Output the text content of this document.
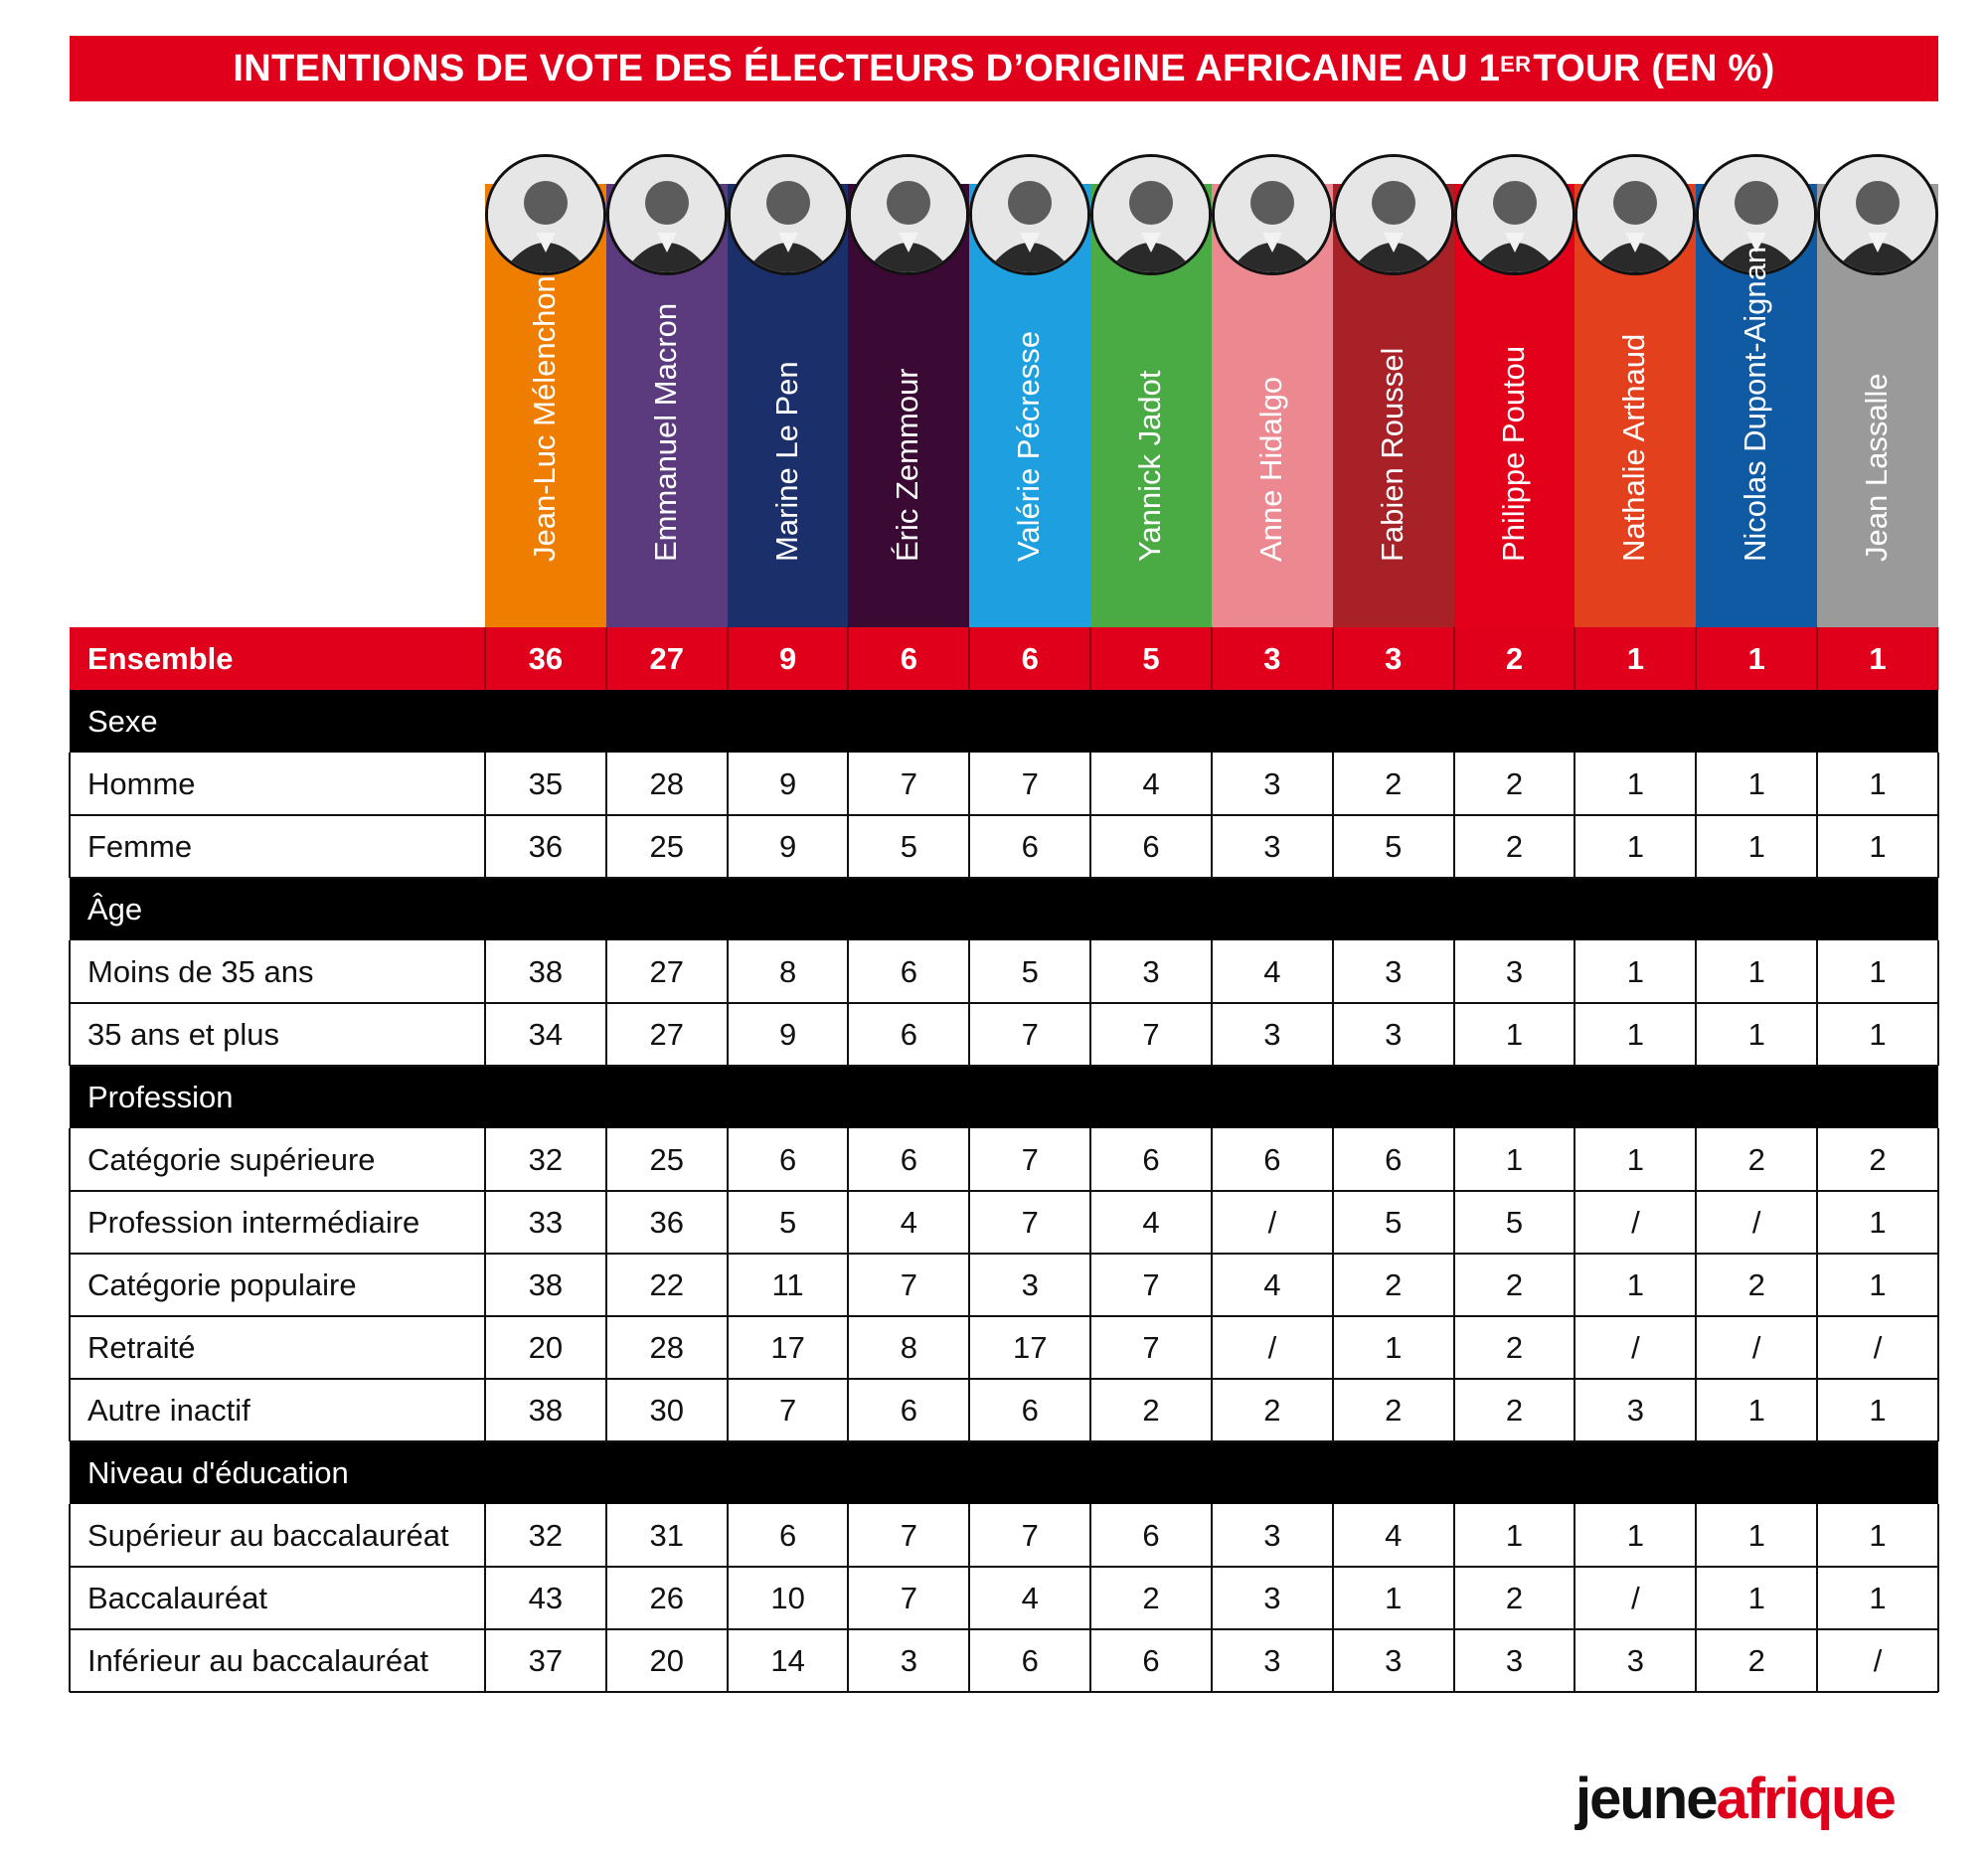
INTENTIONS DE VOTE DES ÉLECTEURS D’ORIGINE AFRICAINE AU 1ER TOUR (EN %)
Jean-Luc Mélenchon	Emmanuel Macron	Marine Le Pen	Éric Zemmour	Valérie Pécresse	Yannick Jadot	Anne Hidalgo	Fabien Roussel	Philippe Poutou	Nathalie Arthaud	Nicolas Dupont-Aignan	Jean Lassalle
Ensemble	36	27	9	6	6	5	3	3	2	1	1	1
Sexe
Homme	35	28	9	7	7	4	3	2	2	1	1	1
Femme	36	25	9	5	6	6	3	5	2	1	1	1
Âge
Moins de 35 ans	38	27	8	6	5	3	4	3	3	1	1	1
35 ans et plus	34	27	9	6	7	7	3	3	1	1	1	1
Profession
Catégorie supérieure	32	25	6	6	7	6	6	6	1	1	2	2
Profession intermédiaire	33	36	5	4	7	4	/	5	5	/	/	1
Catégorie populaire	38	22	11	7	3	7	4	2	2	1	2	1
Retraité	20	28	17	8	17	7	/	1	2	/	/	/
Autre inactif	38	30	7	6	6	2	2	2	2	3	1	1
Niveau d'éducation
Supérieur au baccalauréat	32	31	6	7	7	6	3	4	1	1	1	1
Baccalauréat	43	26	10	7	4	2	3	1	2	/	1	1
Inférieur au baccalauréat	37	20	14	3	6	6	3	3	3	3	2	/
jeuneafrique
